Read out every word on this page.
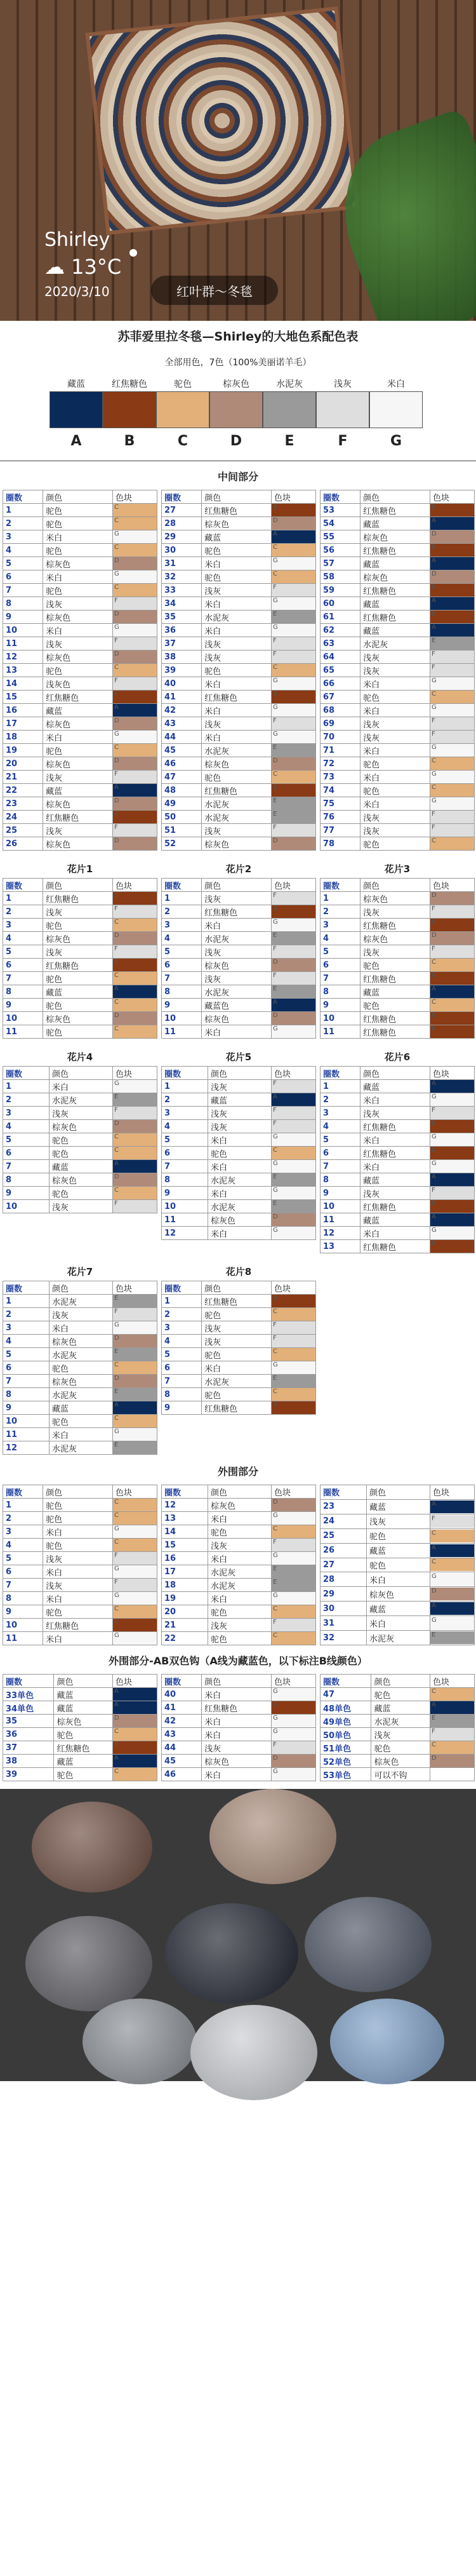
Shirley
☁ 13°C
2020/3/10	红叶群～冬毯
苏菲爱里拉冬毯—Shirley的大地色系配色表
全部用色，7色（100%美丽诺羊毛）
藏蓝
A
红焦糖色
B
驼色
C
棕灰色
D
水泥灰
E
浅灰
F
米白
G
中间部分
圈数	颜色	色块
1	驼色	C

2	驼色	C

3	米白	G

4	驼色	C

5	棕灰色	D

6	米白	G

7	驼色	C

8	浅灰	F

9	棕灰色	D

10	米白	G

11	浅灰	F

12	棕灰色	D

13	驼色	C

14	浅灰色	F

15	红焦糖色	B

16	藏蓝	A

17	棕灰色	D

18	米白	G

19	驼色	C

20	棕灰色	D

21	浅灰	F

22	藏蓝	A

23	棕灰色	D

24	红焦糖色	B

25	浅灰	F

26	棕灰色	D
圈数	颜色	色块
27	红焦糖色	B

28	棕灰色	D

29	藏蓝	A

30	驼色	C

31	米白	G

32	驼色	C

33	浅灰	F

34	米白	G

35	水泥灰	E

36	米白	G

37	浅灰	F

38	浅灰	F

39	驼色	C

40	米白	G

41	红焦糖色	B

42	米白	G

43	浅灰	F

44	米白	G

45	水泥灰	E

46	棕灰色	D

47	驼色	C

48	红焦糖色	B

49	水泥灰	E

50	水泥灰	E

51	浅灰	F

52	棕灰色	D
圈数	颜色	色块
53	红焦糖色	B

54	藏蓝	A

55	棕灰色	D

56	红焦糖色	B

57	藏蓝	A

58	棕灰色	D

59	红焦糖色	B

60	藏蓝	A

61	红焦糖色	B

62	藏蓝	A

63	水泥灰	E

64	浅灰	F

65	浅灰	F

66	米白	G

67	驼色	C

68	米白	G

69	浅灰	F

70	浅灰	F

71	米白	G

72	驼色	C

73	米白	G

74	驼色	C

75	米白	G

76	浅灰	F

77	浅灰	F

78	驼色	C
花片1
圈数	颜色	色块
1	红焦糖色	B

2	浅灰	F

3	驼色	C

4	棕灰色	D

5	浅灰	F

6	红焦糖色	B

7	驼色	C

8	藏蓝	A

9	驼色	C

10	棕灰色	D

11	驼色	C
花片2
圈数	颜色	色块
1	浅灰	F

2	红焦糖色	B

3	米白	G

4	水泥灰	E

5	浅灰	F

6	棕灰色	D

7	浅灰	F

8	水泥灰	E

9	藏蓝色	A

10	棕灰色	D

11	米白	G
花片3
圈数	颜色	色块
1	棕灰色	D

2	浅灰	F

3	红焦糖色	B

4	棕灰色	D

5	浅灰	F

6	驼色	C

7	红焦糖色	B

8	藏蓝	A

9	驼色	C

10	红焦糖色	B

11	红焦糖色	B
花片4
圈数	颜色	色块
1	米白	G

2	水泥灰	E

3	浅灰	F

4	棕灰色	D

5	驼色	C

6	驼色	C

7	藏蓝	A

8	棕灰色	D

9	驼色	C

10	浅灰	F
花片5
圈数	颜色	色块
1	浅灰	F

2	藏蓝	A

3	浅灰	F

4	浅灰	F

5	米白	G

6	驼色	C

7	米白	G

8	水泥灰	E

9	米白	G

10	水泥灰	E

11	棕灰色	D

12	米白	G
花片6
圈数	颜色	色块
1	藏蓝	A

2	米白	G

3	浅灰	F

4	红焦糖色	B

5	米白	G

6	红焦糖色	B

7	米白	G

8	藏蓝	A

9	浅灰	F

10	红焦糖色	B

11	藏蓝	A

12	米白	G

13	红焦糖色	B
花片7
圈数	颜色	色块
1	水泥灰	E

2	浅灰	F

3	米白	G

4	棕灰色	D

5	水泥灰	E

6	驼色	C

7	棕灰色	D

8	水泥灰	E

9	藏蓝	A

10	驼色	C

11	米白	G

12	水泥灰	E
花片8
圈数	颜色	色块
1	红焦糖色	B

2	驼色	C

3	浅灰	F

4	浅灰	F

5	驼色	C

6	米白	G

7	水泥灰	E

8	驼色	C

9	红焦糖色	B
外围部分
圈数	颜色	色块
1	驼色	C

2	驼色	C

3	米白	G

4	驼色	C

5	浅灰	F

6	米白	G

7	浅灰	F

8	米白	G

9	驼色	C

10	红焦糖色	B

11	米白	G
圈数	颜色	色块
12	棕灰色	D

13	米白	G

14	驼色	C

15	浅灰	F

16	米白	G

17	水泥灰	E

18	水泥灰	E

19	米白	G

20	驼色	C

21	浅灰	F

22	驼色	C
圈数	颜色	色块
23	藏蓝	A

24	浅灰	F

25	驼色	C

26	藏蓝	A

27	驼色	C

28	米白	G

29	棕灰色	D

30	藏蓝	A

31	米白	G

32	水泥灰	E
外围部分-AB双色钩（A线为藏蓝色，以下标注B线颜色）
圈数	颜色	色块
33单色	藏蓝	A

34单色	藏蓝	A

35	棕灰色	D

36	驼色	C

37	红焦糖色	B

38	藏蓝	A

39	驼色	C
圈数	颜色	色块
40	米白	G

41	红焦糖色	B

42	米白	G

43	米白	G

44	浅灰	F

45	棕灰色	D

46	米白	G
圈数	颜色	色块
47	驼色	C

48单色	藏蓝	A

49单色	水泥灰	E

50单色	浅灰	F

51单色	驼色	C

52单色	棕灰色	D

53单色	可以不钩	
